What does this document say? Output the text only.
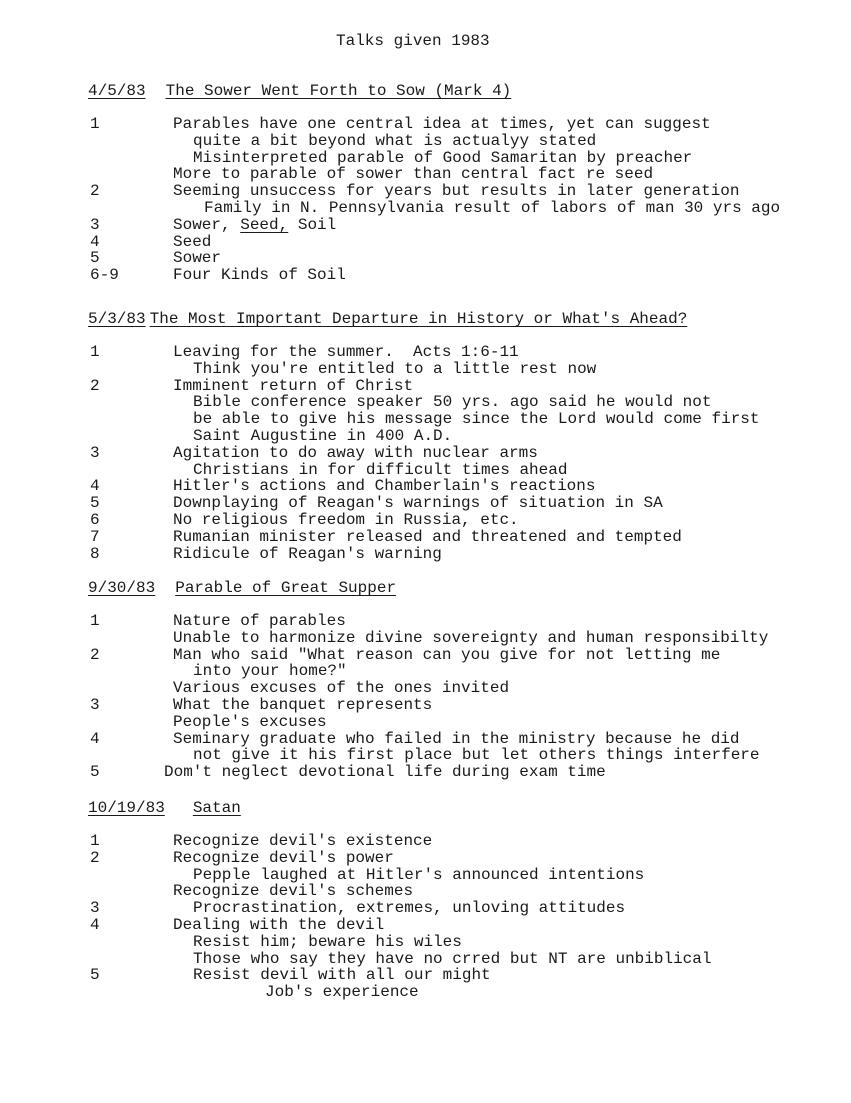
Talks given 1983
4/5/83 The Sower Went Forth to Sow (Mark 4)
1	Parables have one central idea at times, yet can suggest
quite a bit beyond what is actualyy stated
Misinterpreted parable of Good Samaritan by preacher
More to parable of sower than central fact re seed
2	Seeming unsuccess for years but results in later generation
Family in N. Pennsylvania result of labors of man 30 yrs ago
3	Sower, Seed, Soil
4	Seed
5	Sower
6-9	Four Kinds of Soil
5/3/83 The Most Important Departure in History or What's Ahead?
1	Leaving for the summer.  Acts 1:6-11
Think you're entitled to a little rest now
2	Imminent return of Christ
Bible conference speaker 50 yrs. ago said he would not
be able to give his message since the Lord would come first
Saint Augustine in 400 A.D.
3	Agitation to do away with nuclear arms
Christians in for difficult times ahead
4	Hitler's actions and Chamberlain's reactions
5	Downplaying of Reagan's warnings of situation in SA
6	No religious freedom in Russia, etc.
7	Rumanian minister released and threatened and tempted
8	Ridicule of Reagan's warning
9/30/83 Parable of Great Supper
1	Nature of parables
Unable to harmonize divine sovereignty and human responsibilty
2	Man who said "What reason can you give for not letting me
into your home?"
Various excuses of the ones invited
3	What the banquet represents
People's excuses
4	Seminary graduate who failed in the ministry because he did
not give it his first place but let others things interfere
5	Dom't neglect devotional life during exam time
10/19/83 Satan
1	Recognize devil's existence
2	Recognize devil's power
Pepple laughed at Hitler's announced intentions
Recognize devil's schemes
3	Procrastination, extremes, unloving attitudes
4	Dealing with the devil
Resist him; beware his wiles
Those who say they have no crred but NT are unbiblical
5	Resist devil with all our might
Job's experience
